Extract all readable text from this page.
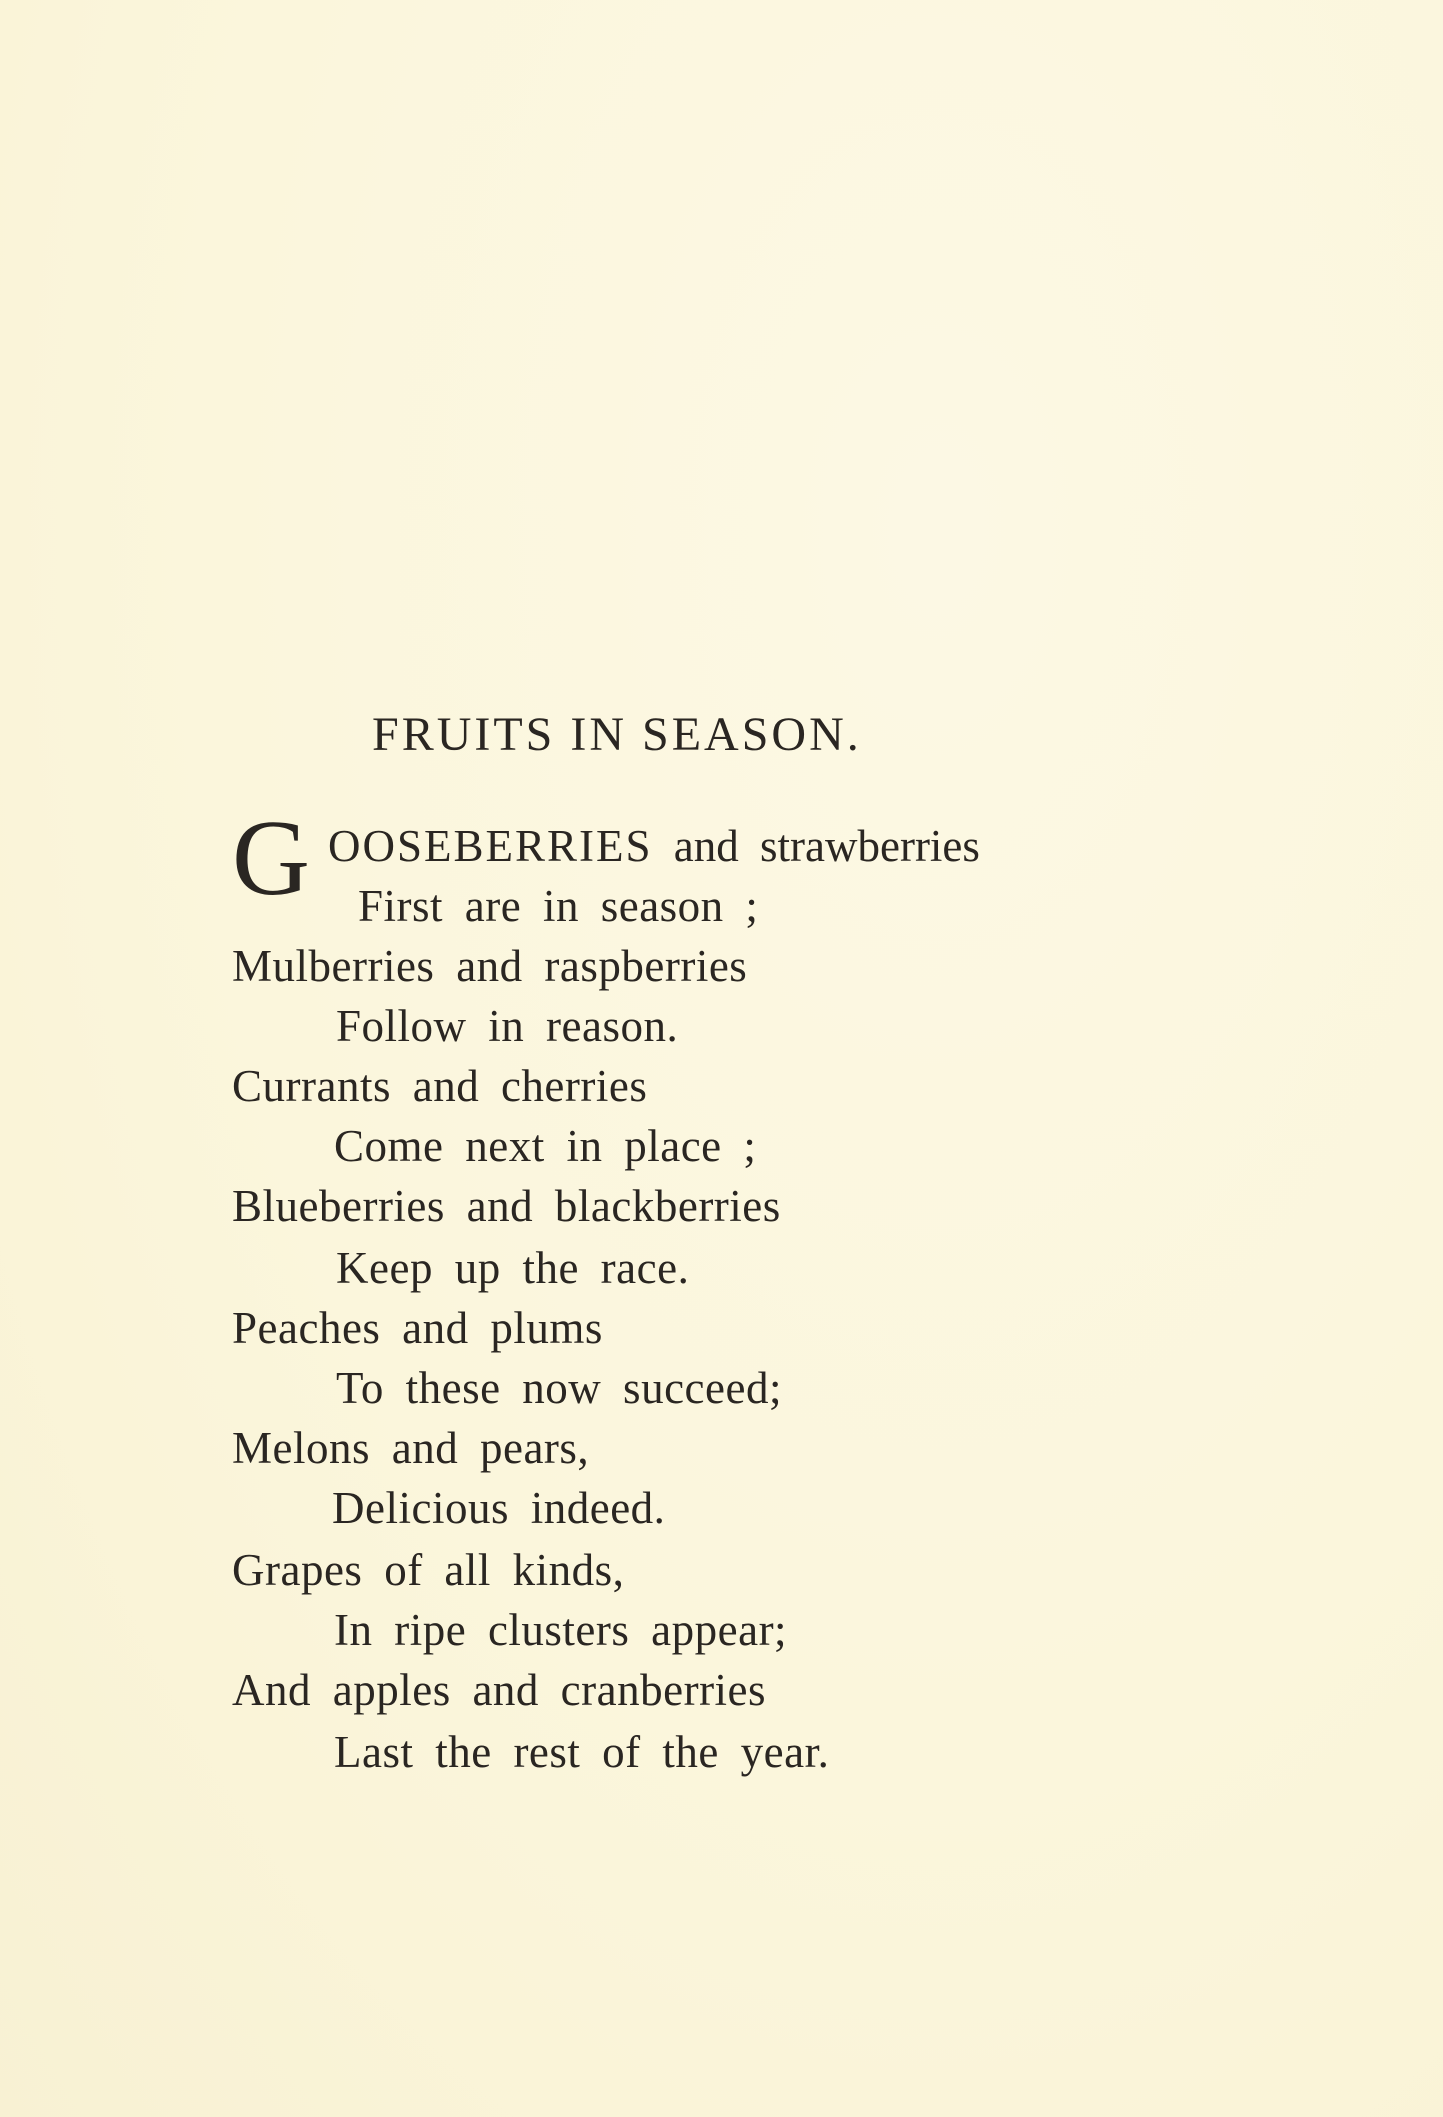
FRUITS IN SEASON.
G OOSEBERRIES and strawberries
First are in season ;
Mulberries and raspberries
Follow in reason.
Currants and cherries
Come next in place ;
Blueberries and blackberries
Keep up the race.
Peaches and plums
To these now succeed;
Melons and pears,
Delicious indeed.
Grapes of all kinds,
In ripe clusters appear;
And apples and cranberries
Last the rest of the year.
